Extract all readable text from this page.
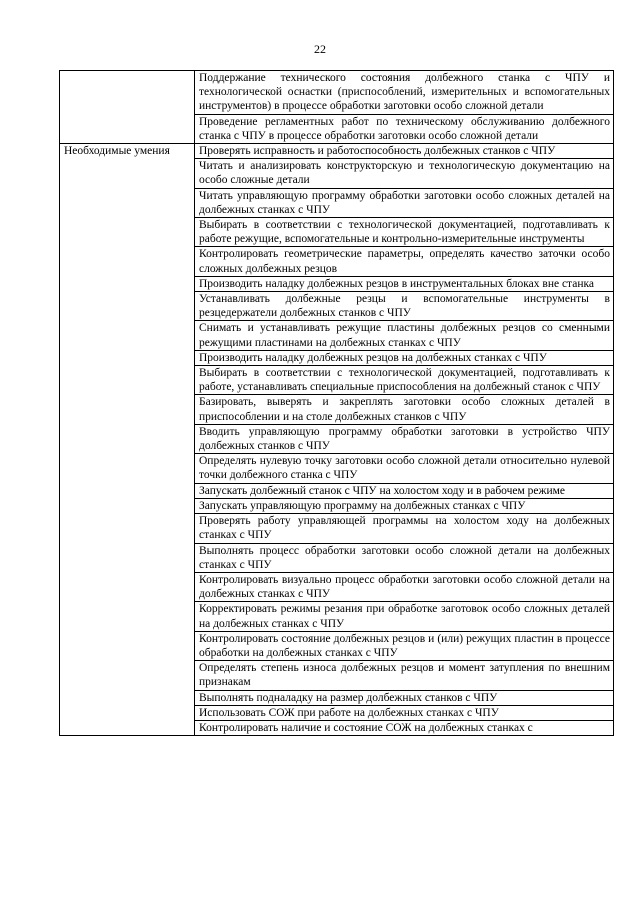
22
	Поддержание технического состояния долбежного станка с ЧПУ и технологической оснастки (приспособлений, измерительных и вспомогательных инструментов) в процессе обработки заготовки особо сложной детали
	Проведение регламентных работ по техническому обслуживанию долбежного станка с ЧПУ в процессе обработки заготовки особо сложной детали
Необходимые умения	Проверять исправность и работоспособность долбежных станков с ЧПУ
	Читать и анализировать конструкторскую и технологическую документацию на особо сложные детали
	Читать управляющую программу обработки заготовки особо сложных деталей на долбежных станках с ЧПУ
	Выбирать в соответствии с технологической документацией, подготавливать к работе режущие, вспомогательные и контрольно-измерительные инструменты
	Контролировать геометрические параметры, определять качество заточки особо сложных долбежных резцов
	Производить наладку долбежных резцов в инструментальных блоках вне станка
	Устанавливать долбежные резцы и вспомогательные инструменты в резцедержатели долбежных станков с ЧПУ
	Снимать и устанавливать режущие пластины долбежных резцов со сменными режущими пластинами на долбежных станках с ЧПУ
	Производить наладку долбежных резцов на долбежных станках с ЧПУ
	Выбирать в соответствии с технологической документацией, подготавливать к работе, устанавливать специальные приспособления на долбежный станок с ЧПУ
	Базировать, выверять и закреплять заготовки особо сложных деталей в приспособлении и на столе долбежных станков с ЧПУ
	Вводить управляющую программу обработки заготовки в устройство ЧПУ долбежных станков с ЧПУ
	Определять нулевую точку заготовки особо сложной детали относительно нулевой точки долбежного станка с ЧПУ
	Запускать долбежный станок с ЧПУ на холостом ходу и в рабочем режиме
	Запускать управляющую программу на долбежных станках с ЧПУ
	Проверять работу управляющей программы на холостом ходу на долбежных станках с ЧПУ
	Выполнять процесс обработки заготовки особо сложной детали на долбежных станках с ЧПУ
	Контролировать визуально процесс обработки заготовки особо сложной детали на долбежных станках с ЧПУ
	Корректировать режимы резания при обработке заготовок особо сложных деталей на долбежных станках с ЧПУ
	Контролировать состояние долбежных резцов и (или) режущих пластин в процессе обработки на долбежных станках с ЧПУ
	Определять степень износа долбежных резцов и момент затупления по внешним признакам
	Выполнять подналадку на размер долбежных станков с ЧПУ
	Использовать СОЖ при работе на долбежных станках с ЧПУ
	Контролировать наличие и состояние СОЖ на долбежных станках с
